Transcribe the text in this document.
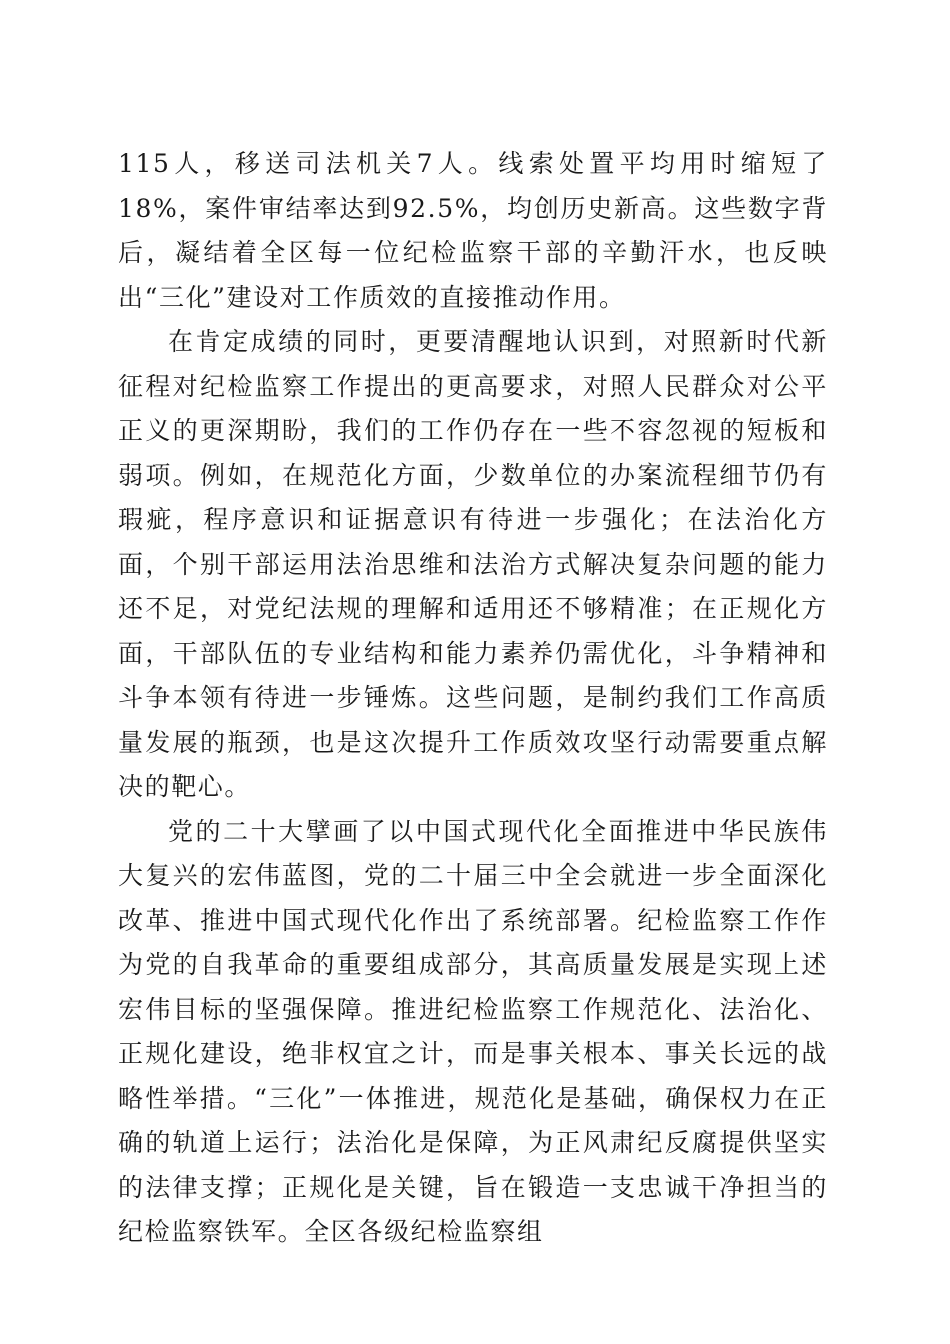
115人，移送司法机关7人。线索处置平均用时缩短了18%，案件审结率达到92.5%，均创历史新高。这些数字背后，凝结着全区每一位纪检监察干部的辛勤汗水，也反映出“三化”建设对工作质效的直接推动作用。

在肯定成绩的同时，更要清醒地认识到，对照新时代新征程对纪检监察工作提出的更高要求，对照人民群众对公平正义的更深期盼，我们的工作仍存在一些不容忽视的短板和弱项。例如，在规范化方面，少数单位的办案流程细节仍有瑕疵，程序意识和证据意识有待进一步强化；在法治化方面，个别干部运用法治思维和法治方式解决复杂问题的能力还不足，对党纪法规的理解和适用还不够精准；在正规化方面，干部队伍的专业结构和能力素养仍需优化，斗争精神和斗争本领有待进一步锤炼。这些问题，是制约我们工作高质量发展的瓶颈，也是这次提升工作质效攻坚行动需要重点解决的靶心。

党的二十大擘画了以中国式现代化全面推进中华民族伟大复兴的宏伟蓝图，党的二十届三中全会就进一步全面深化改革、推进中国式现代化作出了系统部署。纪检监察工作作为党的自我革命的重要组成部分，其高质量发展是实现上述宏伟目标的坚强保障。推进纪检监察工作规范化、法治化、正规化建设，绝非权宜之计，而是事关根本、事关长远的战略性举措。“三化”一体推进，规范化是基础，确保权力在正确的轨道上运行；法治化是保障，为正风肃纪反腐提供坚实的法律支撑；正规化是关键，旨在锻造一支忠诚干净担当的纪检监察铁军。全区各级纪检监察组
